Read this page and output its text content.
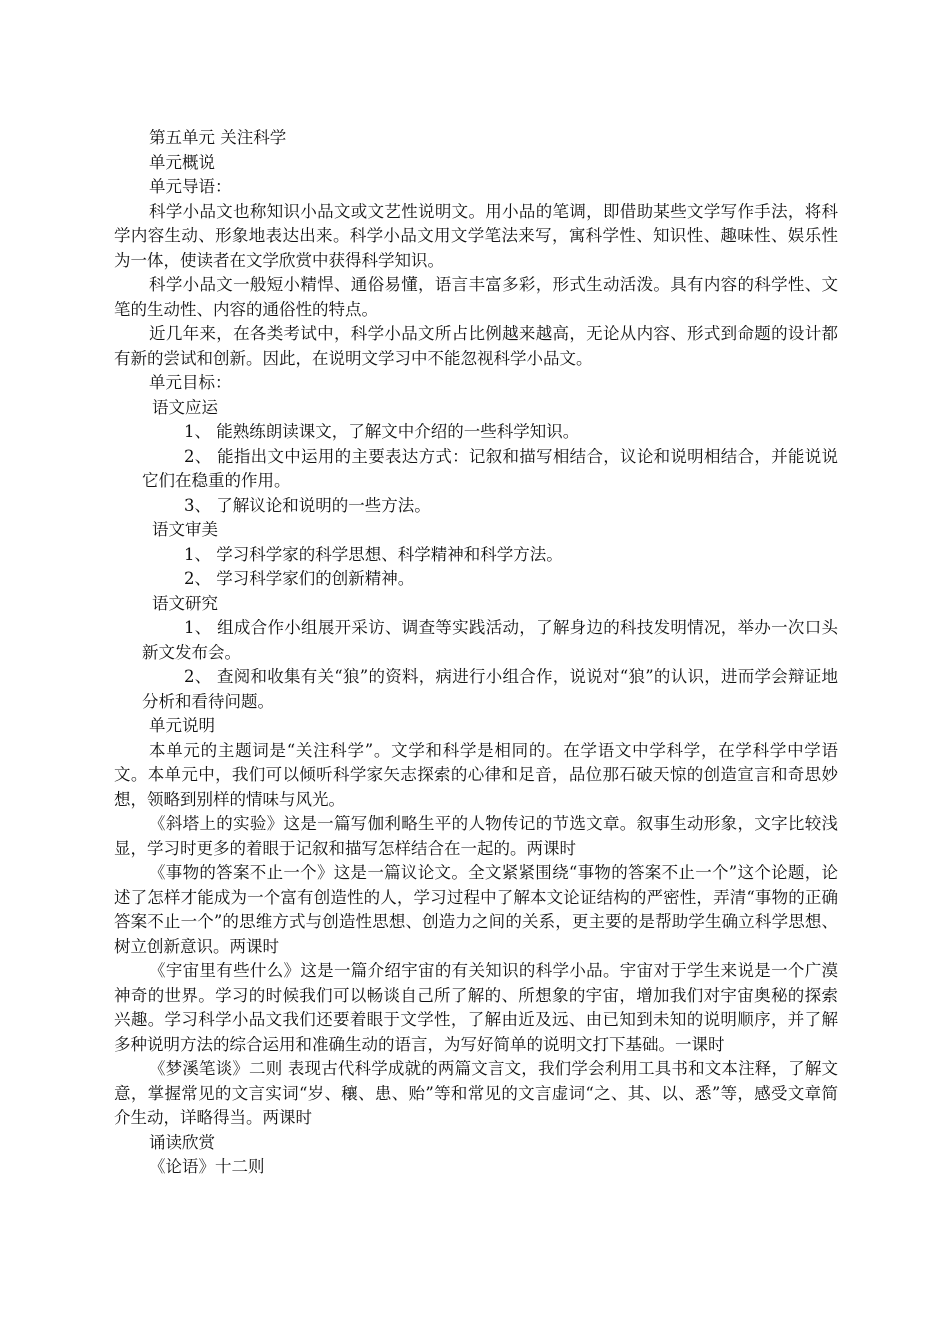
第五单元 关注科学

单元概说

单元导语：

科学小品文也称知识小品文或文艺性说明文。用小品的笔调，即借助某些文学写作手法，将科学内容生动、形象地表达出来。科学小品文用文学笔法来写，寓科学性、知识性、趣味性、娱乐性为一体，使读者在文学欣赏中获得科学知识。

科学小品文一般短小精悍、通俗易懂，语言丰富多彩，形式生动活泼。具有内容的科学性、文笔的生动性、内容的通俗性的特点。

近几年来，在各类考试中，科学小品文所占比例越来越高，无论从内容、形式到命题的设计都有新的尝试和创新。因此，在说明文学习中不能忽视科学小品文。

单元目标：

语文应运

1、 能熟练朗读课文，了解文中介绍的一些科学知识。

2、 能指出文中运用的主要表达方式：记叙和描写相结合，议论和说明相结合，并能说说它们在稳重的作用。

3、 了解议论和说明的一些方法。

语文审美

1、 学习科学家的科学思想、科学精神和科学方法。

2、 学习科学家们的创新精神。

语文研究

1、 组成合作小组展开采访、调查等实践活动，了解身边的科技发明情况，举办一次口头新文发布会。

2、 查阅和收集有关“狼”的资料，病进行小组合作，说说对“狼”的认识，进而学会辩证地分析和看待问题。

单元说明

本单元的主题词是“关注科学”。文学和科学是相同的。在学语文中学科学，在学科学中学语文。本单元中，我们可以倾听科学家矢志探索的心律和足音，品位那石破天惊的创造宣言和奇思妙想，领略到别样的情味与风光。

《斜塔上的实验》这是一篇写伽利略生平的人物传记的节选文章。叙事生动形象，文字比较浅显，学习时更多的着眼于记叙和描写怎样结合在一起的。两课时

《事物的答案不止一个》这是一篇议论文。全文紧紧围绕“事物的答案不止一个”这个论题，论述了怎样才能成为一个富有创造性的人，学习过程中了解本文论证结构的严密性，弄清“事物的正确答案不止一个”的思维方式与创造性思想、创造力之间的关系，更主要的是帮助学生确立科学思想、树立创新意识。两课时

《宇宙里有些什么》这是一篇介绍宇宙的有关知识的科学小品。宇宙对于学生来说是一个广漠神奇的世界。学习的时候我们可以畅谈自己所了解的、所想象的宇宙，增加我们对宇宙奥秘的探索兴趣。学习科学小品文我们还要着眼于文学性，了解由近及远、由已知到未知的说明顺序，并了解多种说明方法的综合运用和准确生动的语言，为写好简单的说明文打下基础。一课时

《梦溪笔谈》二则 表现古代科学成就的两篇文言文，我们学会利用工具书和文本注释，了解文意，掌握常见的文言实词“岁、穰、患、贻”等和常见的文言虚词“之、其、以、悉”等，感受文章简介生动，详略得当。两课时

诵读欣赏

《论语》十二则
